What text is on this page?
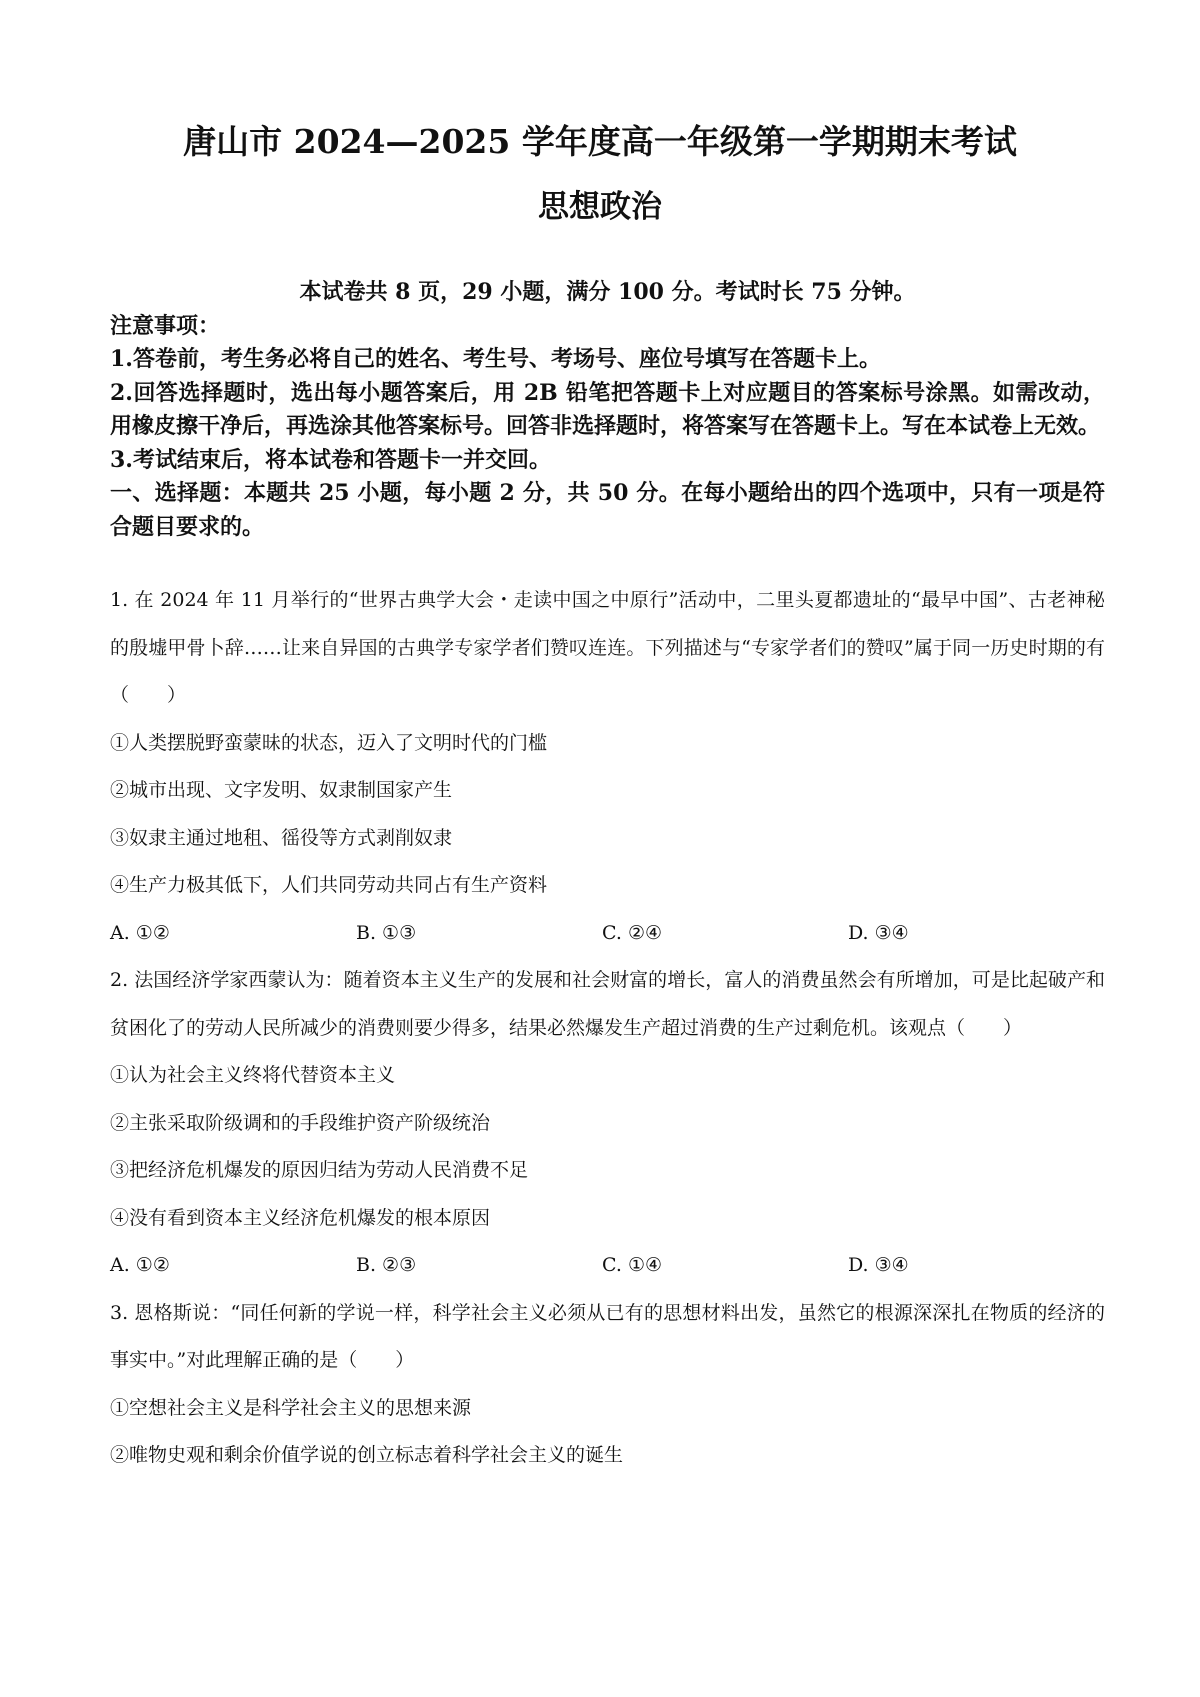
唐山市 2024—2025 学年度高一年级第一学期期末考试
思想政治

本试卷共 8 页，29 小题，满分 100 分。考试时长 75 分钟。

注意事项：

1.答卷前，考生务必将自己的姓名、考生号、考场号、座位号填写在答题卡上。

2.回答选择题时，选出每小题答案后，用 2B 铅笔把答题卡上对应题目的答案标号涂黑。如需改动，用橡皮擦干净后，再选涂其他答案标号。回答非选择题时，将答案写在答题卡上。写在本试卷上无效。

3.考试结束后，将本试卷和答题卡一并交回。

一、选择题：本题共 25 小题，每小题 2 分，共 50 分。在每小题给出的四个选项中，只有一项是符合题目要求的。

1. 在 2024 年 11 月举行的“世界古典学大会・走读中国之中原行”活动中，二里头夏都遗址的“最早中国”、古老神秘的殷墟甲骨卜辞……让来自异国的古典学专家学者们赞叹连连。下列描述与“专家学者们的赞叹”属于同一历史时期的有（　　）

①人类摆脱野蛮蒙昧的状态，迈入了文明时代的门槛

②城市出现、文字发明、奴隶制国家产生

③奴隶主通过地租、徭役等方式剥削奴隶

④生产力极其低下，人们共同劳动共同占有生产资料

A. ①②	B. ①③	C. ②④	D. ③④

2. 法国经济学家西蒙认为：随着资本主义生产的发展和社会财富的增长，富人的消费虽然会有所增加，可是比起破产和贫困化了的劳动人民所减少的消费则要少得多，结果必然爆发生产超过消费的生产过剩危机。该观点（　　）

①认为社会主义终将代替资本主义

②主张采取阶级调和的手段维护资产阶级统治

③把经济危机爆发的原因归结为劳动人民消费不足

④没有看到资本主义经济危机爆发的根本原因

A. ①②	B. ②③	C. ①④	D. ③④

3. 恩格斯说：“同任何新的学说一样，科学社会主义必须从已有的思想材料出发，虽然它的根源深深扎在物质的经济的事实中。”对此理解正确的是（　　）

①空想社会主义是科学社会主义的思想来源

②唯物史观和剩余价值学说的创立标志着科学社会主义的诞生
